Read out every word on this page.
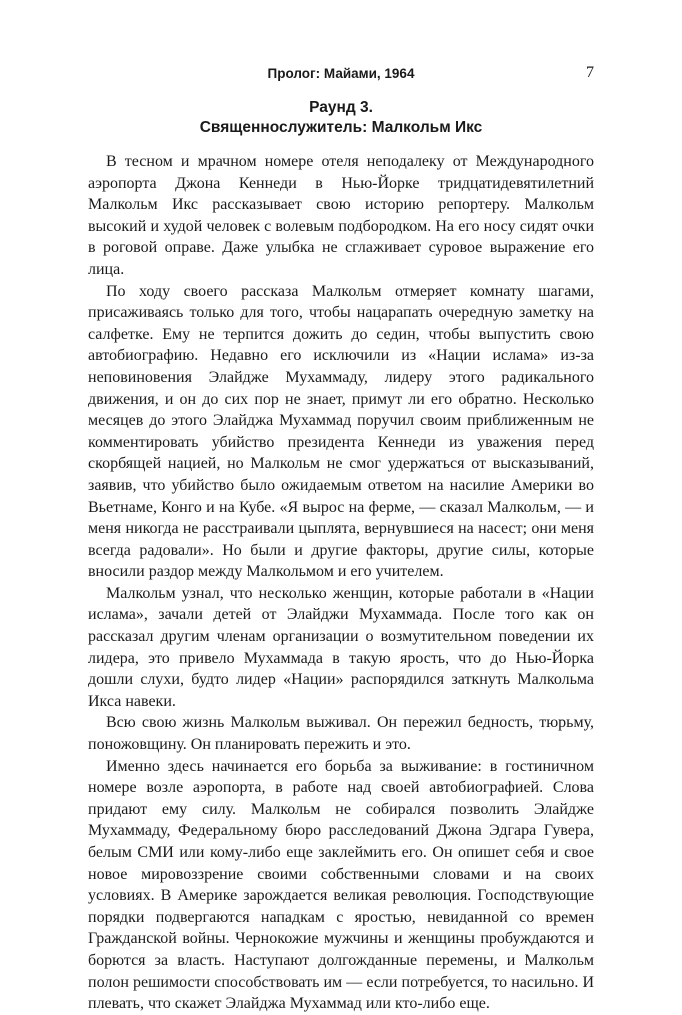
Пролог: Майами, 1964	7
Раунд 3.
Священнослужитель: Малкольм Икс

В тесном и мрачном номере отеля неподалеку от Международного аэропорта Джона Кеннеди в Нью-Йорке тридцатидевятилетний Малкольм Икс рассказывает свою историю репортеру. Малкольм высокий и худой человек с волевым подбородком. На его носу сидят очки в роговой оправе. Даже улыбка не сглаживает суровое выражение его лица.

По ходу своего рассказа Малкольм отмеряет комнату шагами, присаживаясь только для того, чтобы нацарапать очередную заметку на салфетке. Ему не терпится дожить до седин, чтобы выпустить свою автобиографию. Недавно его исключили из «Нации ислама» из-за неповиновения Элайдже Мухаммаду, лидеру этого радикального движения, и он до сих пор не знает, примут ли его обратно. Несколько месяцев до этого Элайджа Мухаммад поручил своим приближенным не комментировать убийство президента Кеннеди из уважения перед скорбящей нацией, но Малкольм не смог удержаться от высказываний, заявив, что убийство было ожидаемым ответом на насилие Америки во Вьетнаме, Конго и на Кубе. «Я вырос на ферме, — сказал Малкольм, — и меня никогда не расстраивали цыплята, вернувшиеся на насест; они меня всегда радовали». Но были и другие факторы, другие силы, которые вносили раздор между Малкольмом и его учителем.

Малкольм узнал, что несколько женщин, которые работали в «Нации ислама», зачали детей от Элайджи Мухаммада. После того как он рассказал другим членам организации о возмутительном поведении их лидера, это привело Мухаммада в такую ярость, что до Нью-Йорка дошли слухи, будто лидер «Нации» распорядился заткнуть Малкольма Икса навеки.

Всю свою жизнь Малкольм выживал. Он пережил бедность, тюрьму, поножовщину. Он планировать пережить и это.

Именно здесь начинается его борьба за выживание: в гостиничном номере возле аэропорта, в работе над своей автобиографией. Слова придают ему силу. Малкольм не собирался позволить Элайдже Мухаммаду, Федеральному бюро расследований Джона Эдгара Гувера, белым СМИ или кому-либо еще заклеймить его. Он опишет себя и свое новое мировоззрение своими собственными словами и на своих условиях. В Америке зарождается великая революция. Господствующие порядки подвергаются нападкам с яростью, невиданной со времен Гражданской войны. Чернокожие мужчины и женщины пробуждаются и борются за власть. Наступают долгожданные перемены, и Малкольм полон решимости способствовать им — если потребуется, то насильно. И плевать, что скажет Элайджа Мухаммад или кто-либо еще.
